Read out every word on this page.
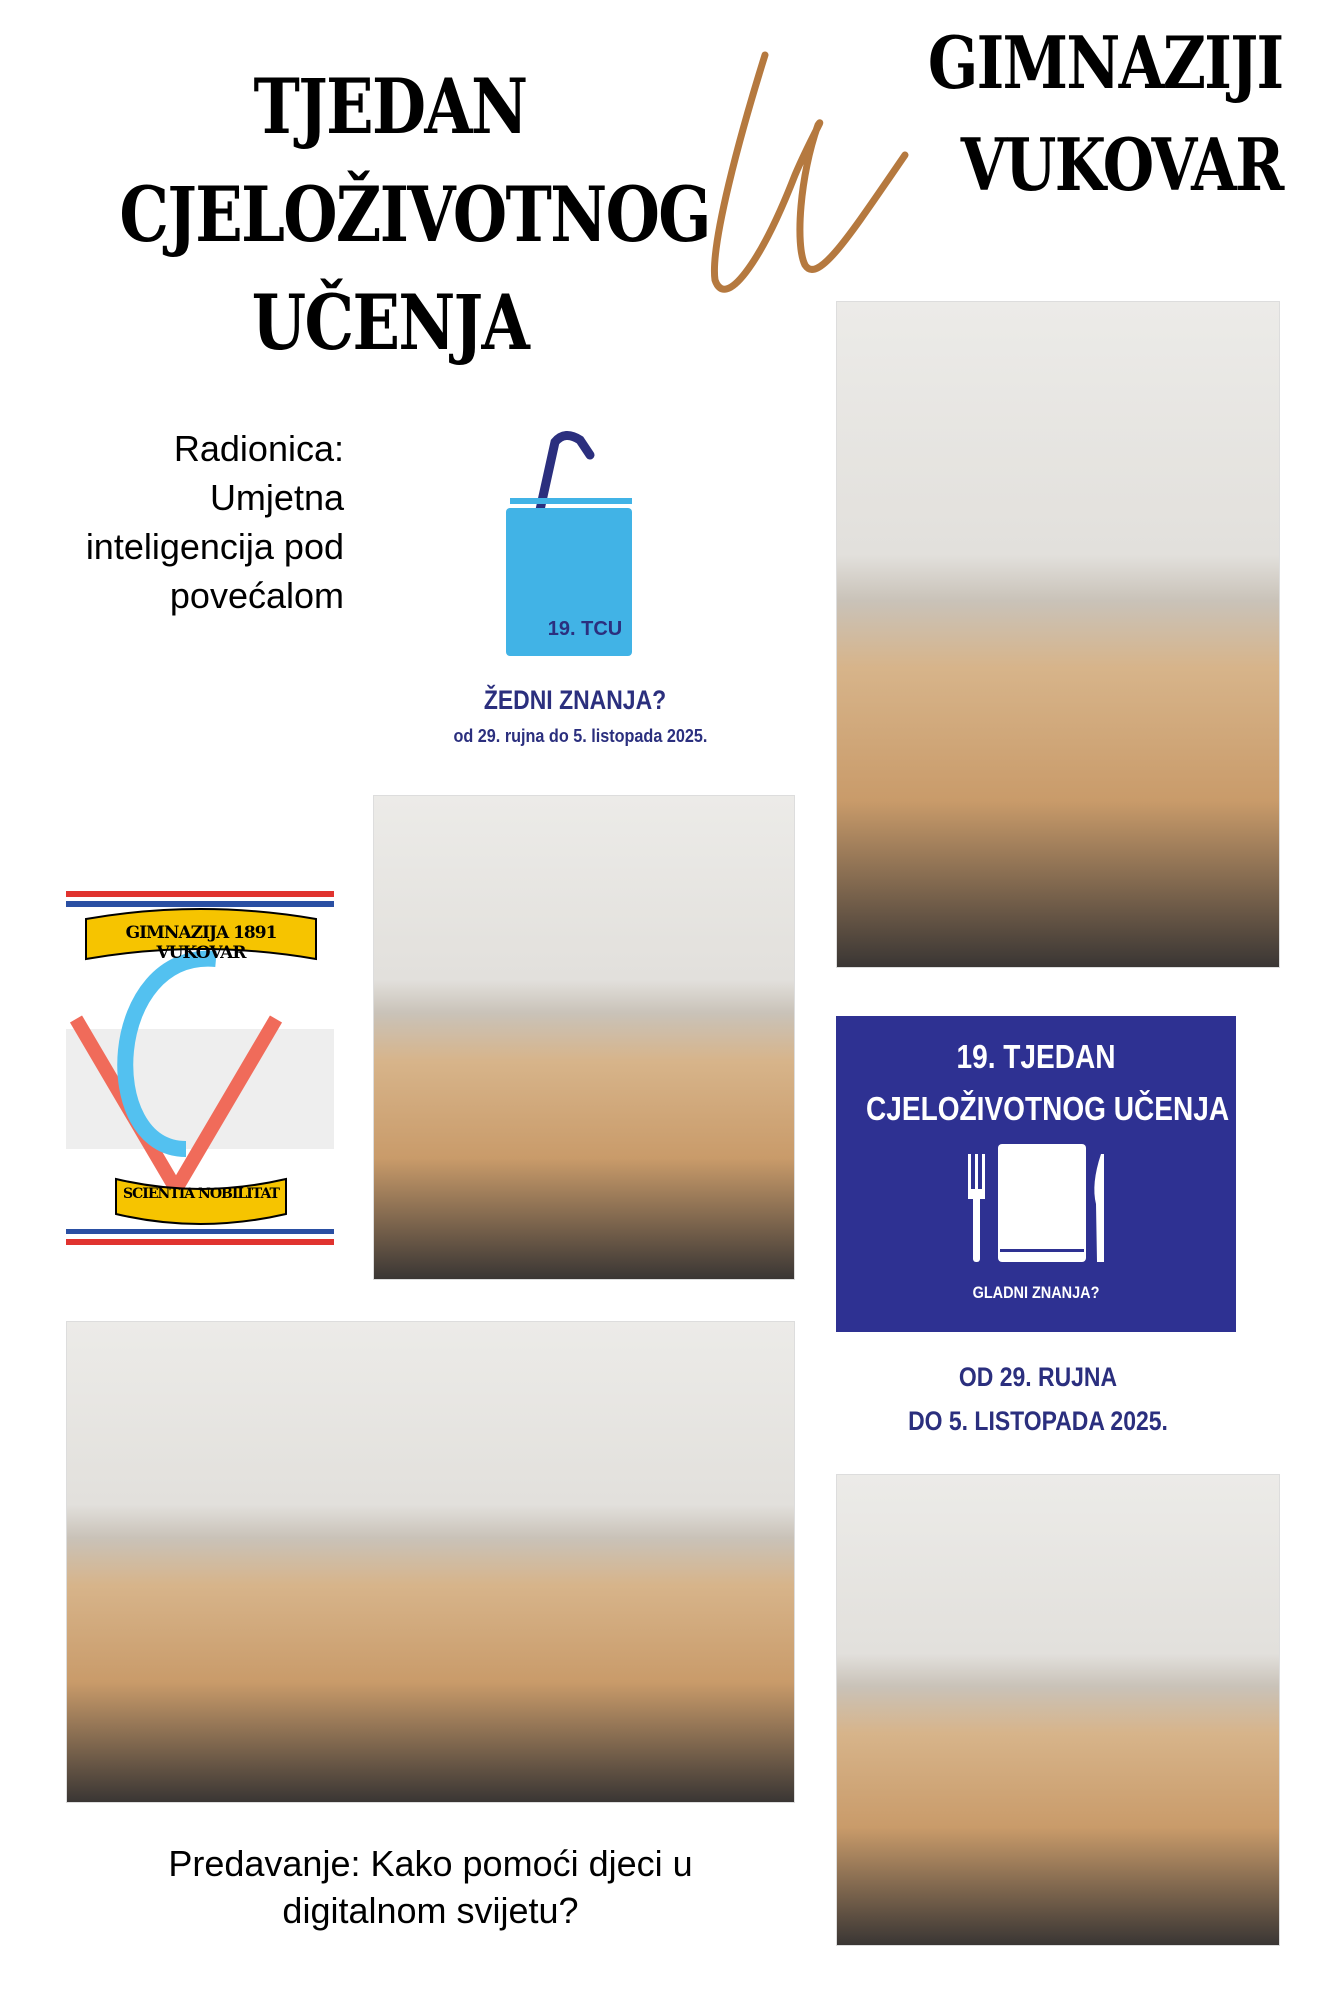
TJEDAN
CJELOŽIVOTNOG
UČENJA
GIMNAZIJI
VUKOVAR
Radionica:
Umjetna
inteligencija pod
povećalom
19. TCU
ŽEDNI ZNANJA?
od 29. rujna do 5. listopada 2025.
GIMNAZIJA 1891 VUKOVAR
SCIENTIA NOBILITAT
19. TJEDAN
CJELOŽIVOTNOG UČENJA
GLADNI ZNANJA?
OD 29. RUJNA
DO 5. LISTOPADA 2025.
Predavanje: Kako pomoći djeci u
digitalnom svijetu?
